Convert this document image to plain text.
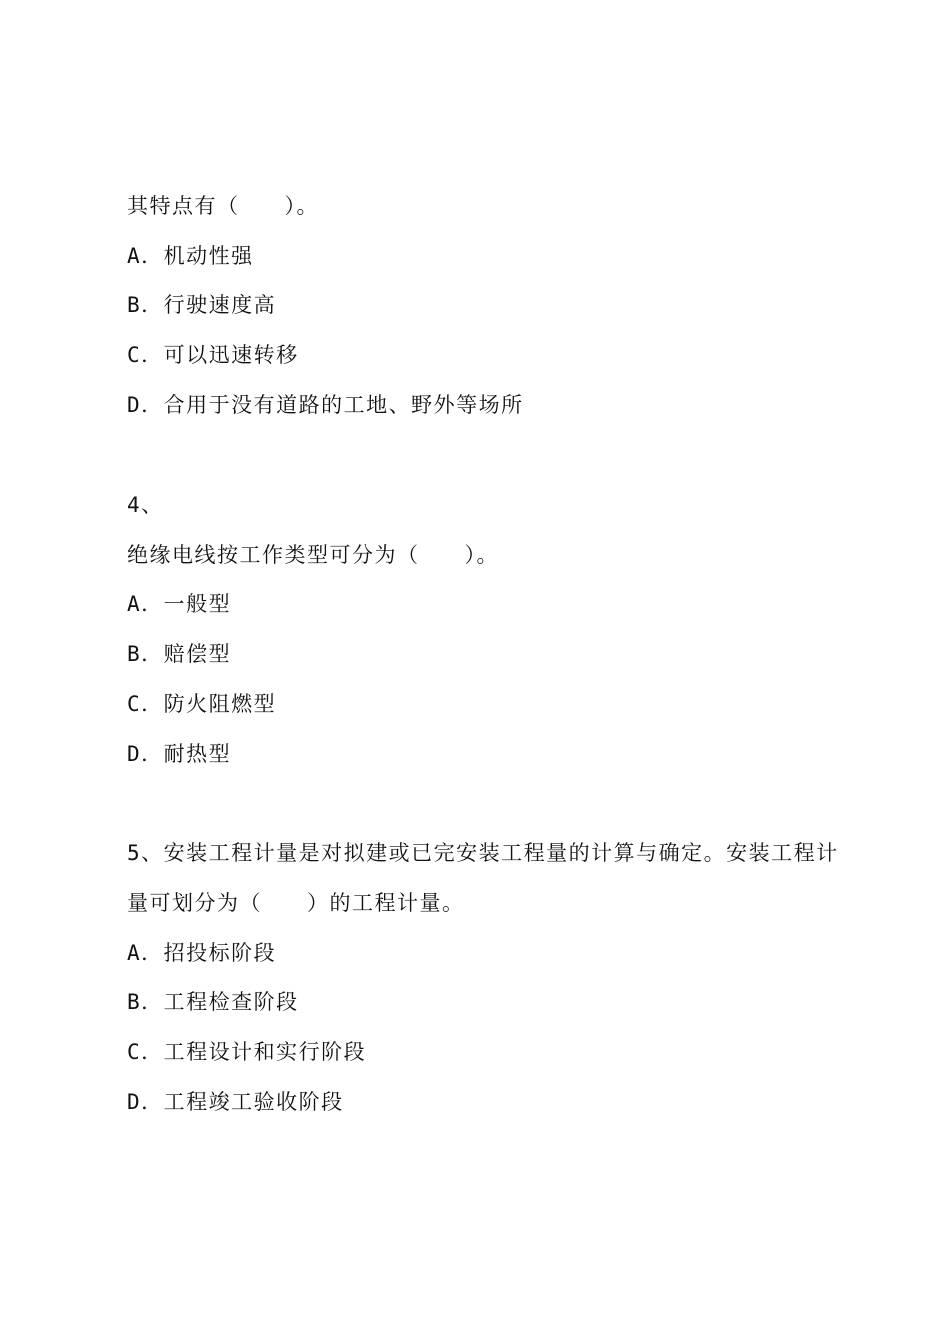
其特点有（　　）。
A．机动性强
B．行驶速度高
C．可以迅速转移
D．合用于没有道路的工地、野外等场所
4、
绝缘电线按工作类型可分为（　　）。
A．一般型
B．赔偿型
C．防火阻燃型
D．耐热型
5、安装工程计量是对拟建或已完安装工程量的计算与确定。安装工程计
量可划分为（　　）的工程计量。
A．招投标阶段
B．工程检查阶段
C．工程设计和实行阶段
D．工程竣工验收阶段
